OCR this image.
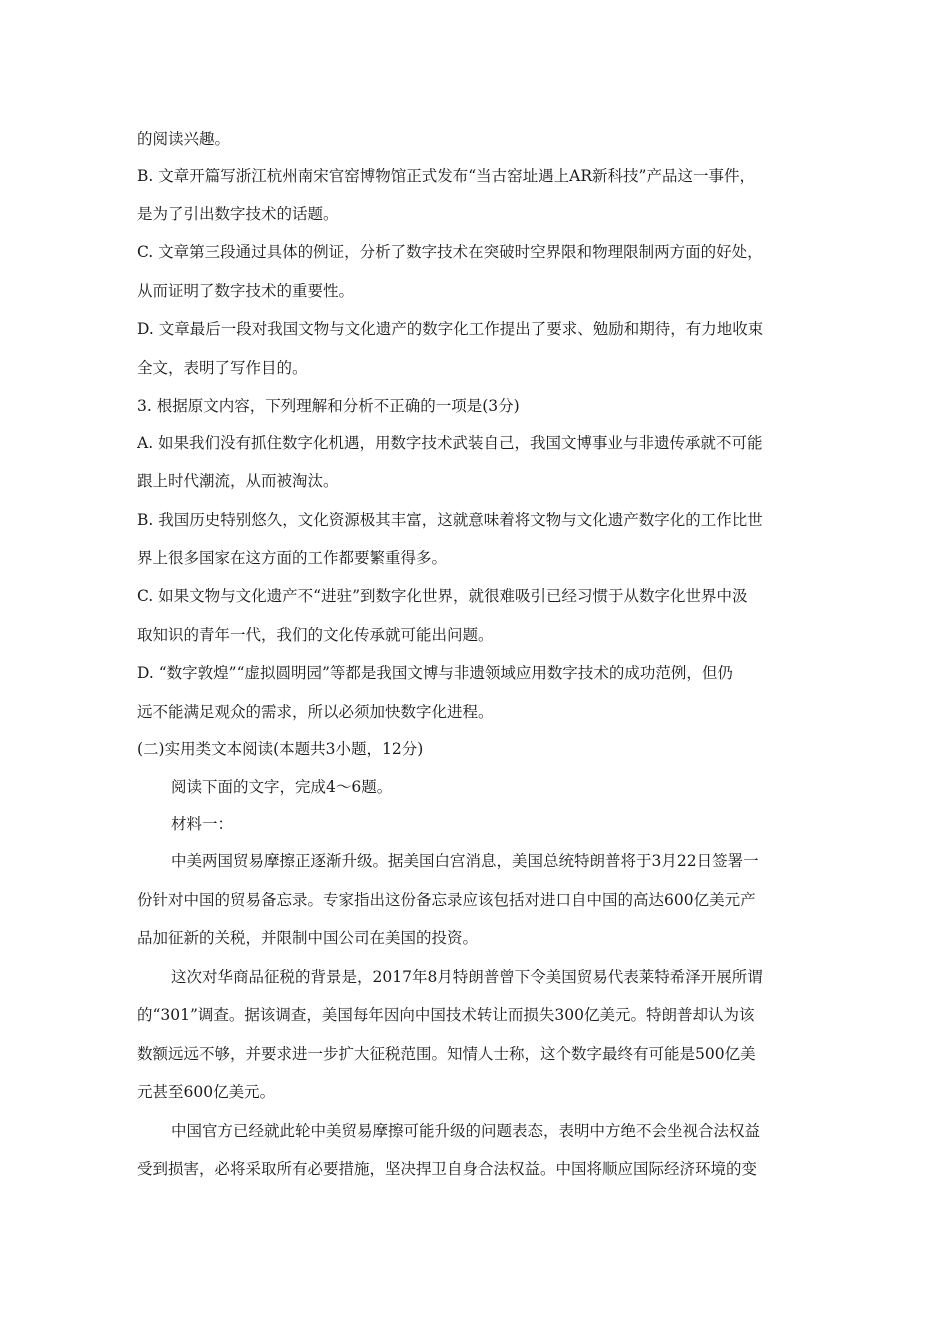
的阅读兴趣。
B. 文章开篇写浙江杭州南宋官窑博物馆正式发布“当古窑址遇上AR新科技”产品这一事件，
是为了引出数字技术的话题。
C. 文章第三段通过具体的例证，分析了数字技术在突破时空界限和物理限制两方面的好处，
从而证明了数字技术的重要性。
D. 文章最后一段对我国文物与文化遗产的数字化工作提出了要求、勉励和期待，有力地收束
全文，表明了写作目的。
3. 根据原文内容，下列理解和分析不正确的一项是(3分)
A. 如果我们没有抓住数字化机遇，用数字技术武装自己，我国文博事业与非遗传承就不可能
跟上时代潮流，从而被淘汰。
B. 我国历史特别悠久，文化资源极其丰富，这就意味着将文物与文化遗产数字化的工作比世
界上很多国家在这方面的工作都要繁重得多。
C. 如果文物与文化遗产不“进驻”到数字化世界，就很难吸引已经习惯于从数字化世界中汲
取知识的青年一代，我们的文化传承就可能出问题。
D. “数字敦煌”“虚拟圆明园”等都是我国文博与非遗领域应用数字技术的成功范例，但仍
远不能满足观众的需求，所以必须加快数字化进程。
(二)实用类文本阅读(本题共3小题，12分)
阅读下面的文字，完成4～6题。
材料一：
中美两国贸易摩擦正逐渐升级。据美国白宫消息，美国总统特朗普将于3月22日签署一
份针对中国的贸易备忘录。专家指出这份备忘录应该包括对进口自中国的高达600亿美元产
品加征新的关税，并限制中国公司在美国的投资。
这次对华商品征税的背景是，2017年8月特朗普曾下令美国贸易代表莱特希泽开展所谓
的“301”调查。据该调查，美国每年因向中国技术转让而损失300亿美元。特朗普却认为该
数额远远不够，并要求进一步扩大征税范围。知情人士称，这个数字最终有可能是500亿美
元甚至600亿美元。
中国官方已经就此轮中美贸易摩擦可能升级的问题表态，表明中方绝不会坐视合法权益
受到损害，必将采取所有必要措施，坚决捍卫自身合法权益。中国将顺应国际经济环境的变
